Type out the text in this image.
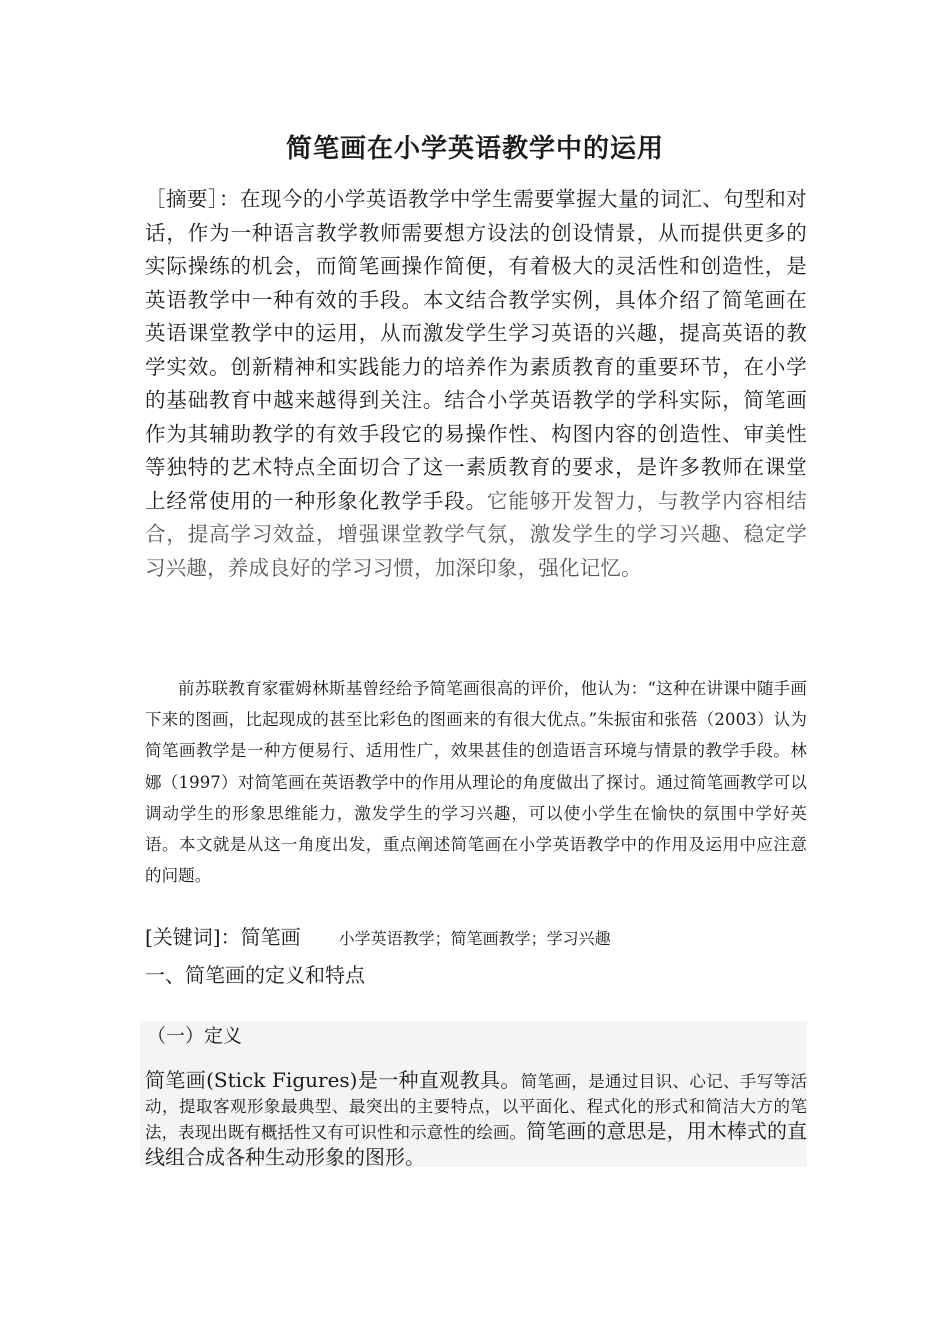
简笔画在小学英语教学中的运用

［摘要］：在现今的小学英语教学中学生需要掌握大量的词汇、句型和对话，作为一种语言教学教师需要想方设法的创设情景，从而提供更多的实际操练的机会，而简笔画操作简便，有着极大的灵活性和创造性，是英语教学中一种有效的手段。本文结合教学实例，具体介绍了简笔画在英语课堂教学中的运用，从而激发学生学习英语的兴趣，提高英语的教学实效。创新精神和实践能力的培养作为素质教育的重要环节，在小学的基础教育中越来越得到关注。结合小学英语教学的学科实际，简笔画作为其辅助教学的有效手段它的易操作性、构图内容的创造性、审美性等独特的艺术特点全面切合了这一素质教育的要求，是许多教师在课堂上经常使用的一种形象化教学手段。它能够开发智力，与教学内容相结合，提高学习效益，增强课堂教学气氛，激发学生的学习兴趣、稳定学习兴趣，养成良好的学习习惯，加深印象，强化记忆。

前苏联教育家霍姆林斯基曾经给予简笔画很高的评价，他认为：“这种在讲课中随手画下来的图画，比起现成的甚至比彩色的图画来的有很大优点。”朱振宙和张蓓（2003）认为简笔画教学是一种方便易行、适用性广，效果甚佳的创造语言环境与情景的教学手段。林娜（1997）对简笔画在英语教学中的作用从理论的角度做出了探讨。通过简笔画教学可以调动学生的形象思维能力，激发学生的学习兴趣，可以使小学生在愉快的氛围中学好英语。本文就是从这一角度出发，重点阐述简笔画在小学英语教学中的作用及运用中应注意的问题。

[关键词]：简笔画 小学英语教学；简笔画教学；学习兴趣

一、简笔画的定义和特点

（一）定义

简笔画(Stick Figures)是一种直观教具。简笔画，是通过目识、心记、手写等活动，提取客观形象最典型、最突出的主要特点，以平面化、程式化的形式和简洁大方的笔法，表现出既有概括性又有可识性和示意性的绘画。简笔画的意思是，用木棒式的直线组合成各种生动形象的图形。
